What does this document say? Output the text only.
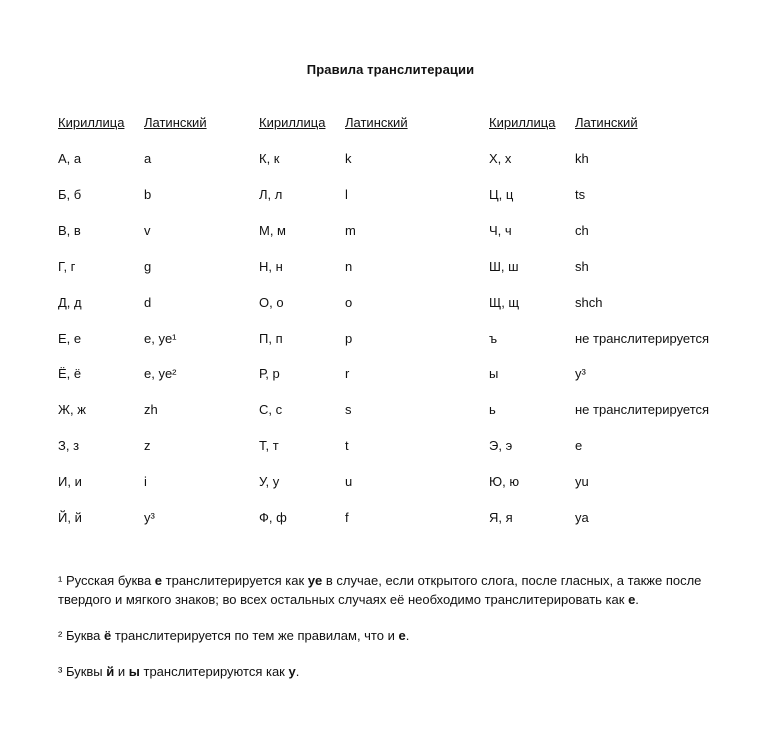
Правила транслитерации
Кириллица Латинский
А, а	a
Б, б	b
В, в	v
Г, г	g
Д, д	d
Е, е	e, ye¹
Ё, ё	e, ye²
Ж, ж	zh
З, з	z
И, и	i
Й, й	y³
Кириллица Латинский
К, к	k
Л, л	l
М, м	m
Н, н	n
О, о	o
П, п	p
Р, р	r
С, с	s
Т, т	t
У, у	u
Ф, ф	f
Кириллица Латинский
Х, х	kh
Ц, ц	ts
Ч, ч	ch
Ш, ш	sh
Щ, щ	shch
ъ	не транслитерируется
ы	y³
ь	не транслитерируется
Э, э	e
Ю, ю	yu
Я, я	ya

¹ Русская буква е транслитерируется как ye в случае, если открытого слога, после гласных, а также после твердого и мягкого знаков; во всех остальных случаях её необходимо транслитерировать как e.

² Буква ё транслитерируется по тем же правилам, что и е.

³ Буквы й и ы транслитерируются как y.
